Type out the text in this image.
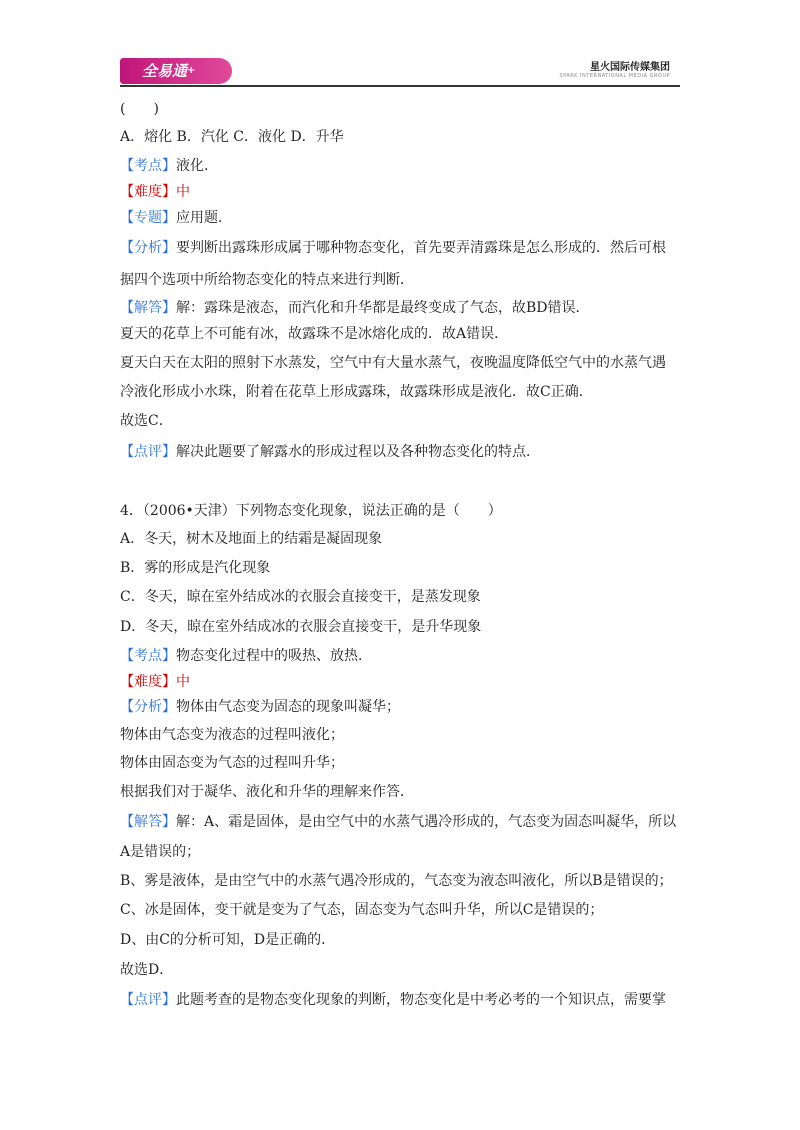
全易通+	星火国际传媒集团
SPARK INTERNATIONAL MEDIA GROUP
(　　)
A．熔化 B．汽化 C．液化 D．升华
【考点】液化．
【难度】中
【专题】应用题．
【分析】要判断出露珠形成属于哪种物态变化，首先要弄清露珠是怎么形成的．然后可根
据四个选项中所给物态变化的特点来进行判断．
【解答】解：露珠是液态，而汽化和升华都是最终变成了气态，故BD错误．
夏天的花草上不可能有冰，故露珠不是冰熔化成的．故A错误．
夏天白天在太阳的照射下水蒸发，空气中有大量水蒸气，夜晚温度降低空气中的水蒸气遇
冷液化形成小水珠，附着在花草上形成露珠，故露珠形成是液化．故C正确．
故选C．
【点评】解决此题要了解露水的形成过程以及各种物态变化的特点．
4．（2006•天津）下列物态变化现象，说法正确的是（　　）
A．冬天，树木及地面上的结霜是凝固现象
B．雾的形成是汽化现象
C．冬天，晾在室外结成冰的衣服会直接变干，是蒸发现象
D．冬天，晾在室外结成冰的衣服会直接变干，是升华现象
【考点】物态变化过程中的吸热、放热．
【难度】中
【分析】物体由气态变为固态的现象叫凝华；
物体由气态变为液态的过程叫液化；
物体由固态变为气态的过程叫升华；
根据我们对于凝华、液化和升华的理解来作答．
【解答】解：A、霜是固体，是由空气中的水蒸气遇冷形成的，气态变为固态叫凝华，所以
A是错误的；
B、雾是液体，是由空气中的水蒸气遇冷形成的，气态变为液态叫液化，所以B是错误的；
C、冰是固体，变干就是变为了气态，固态变为气态叫升华，所以C是错误的；
D、由C的分析可知，D是正确的．
故选D．
【点评】此题考查的是物态变化现象的判断，物态变化是中考必考的一个知识点，需要掌
